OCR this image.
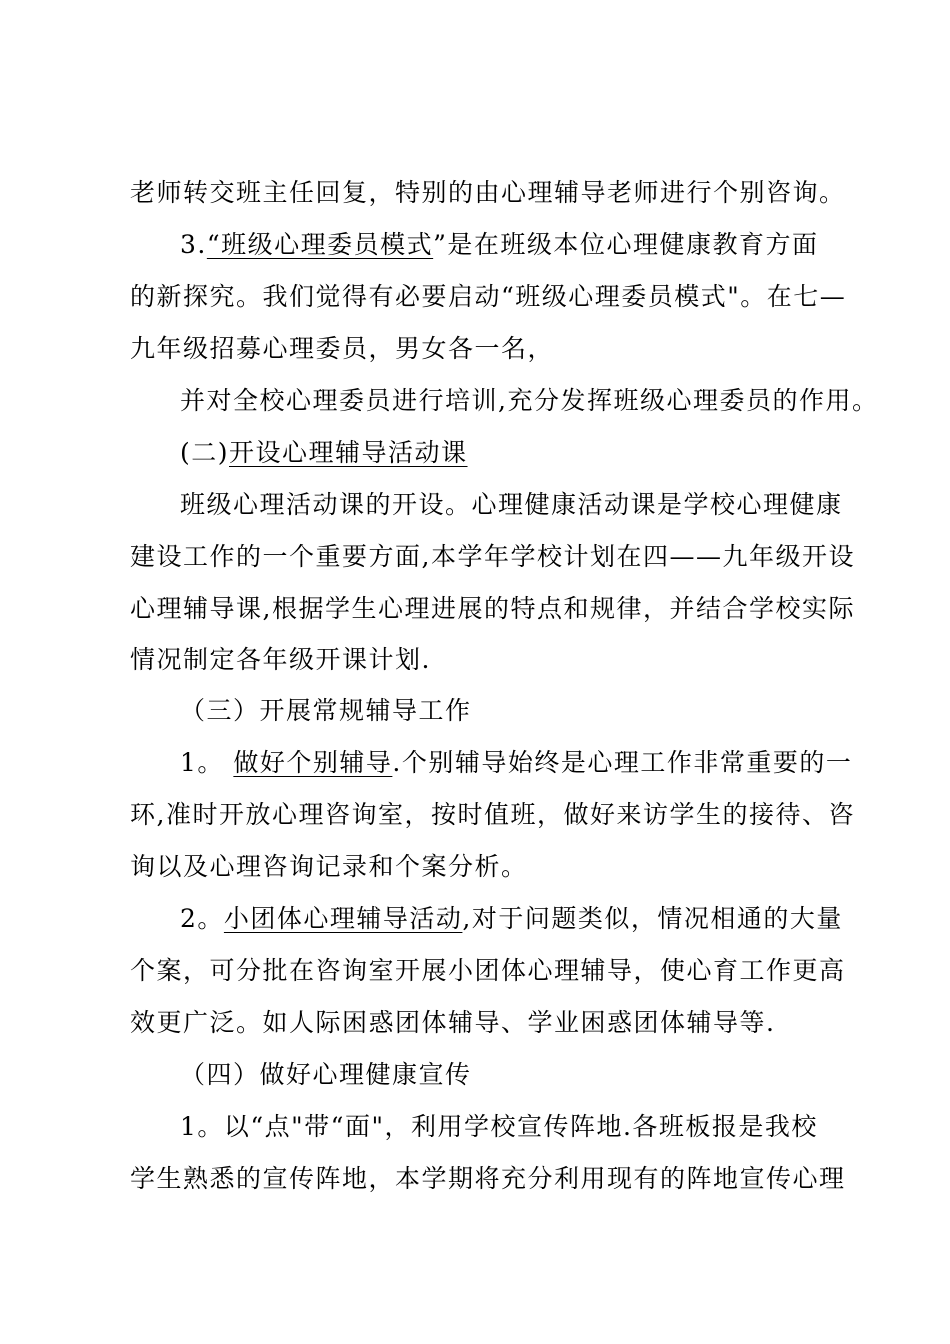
老师转交班主任回复，特别的由心理辅导老师进行个别咨询。

3.“班级心理委员模式”是在班级本位心理健康教育方面

的新探究。我们觉得有必要启动“班级心理委员模式"。在七—

九年级招募心理委员，男女各一名，

并对全校心理委员进行培训,充分发挥班级心理委员的作用。

(二)开设心理辅导活动课

班级心理活动课的开设。心理健康活动课是学校心理健康

建设工作的一个重要方面,本学年学校计划在四——九年级开设

心理辅导课,根据学生心理进展的特点和规律，并结合学校实际

情况制定各年级开课计划.

（三）开展常规辅导工作

1。 做好个别辅导.个别辅导始终是心理工作非常重要的一

环,准时开放心理咨询室，按时值班，做好来访学生的接待、咨

询以及心理咨询记录和个案分析。

2。小团体心理辅导活动,对于问题类似，情况相通的大量

个案，可分批在咨询室开展小团体心理辅导，使心育工作更高

效更广泛。如人际困惑团体辅导、学业困惑团体辅导等.

（四）做好心理健康宣传

1。以“点"带“面"，利用学校宣传阵地.各班板报是我校

学生熟悉的宣传阵地，本学期将充分利用现有的阵地宣传心理
